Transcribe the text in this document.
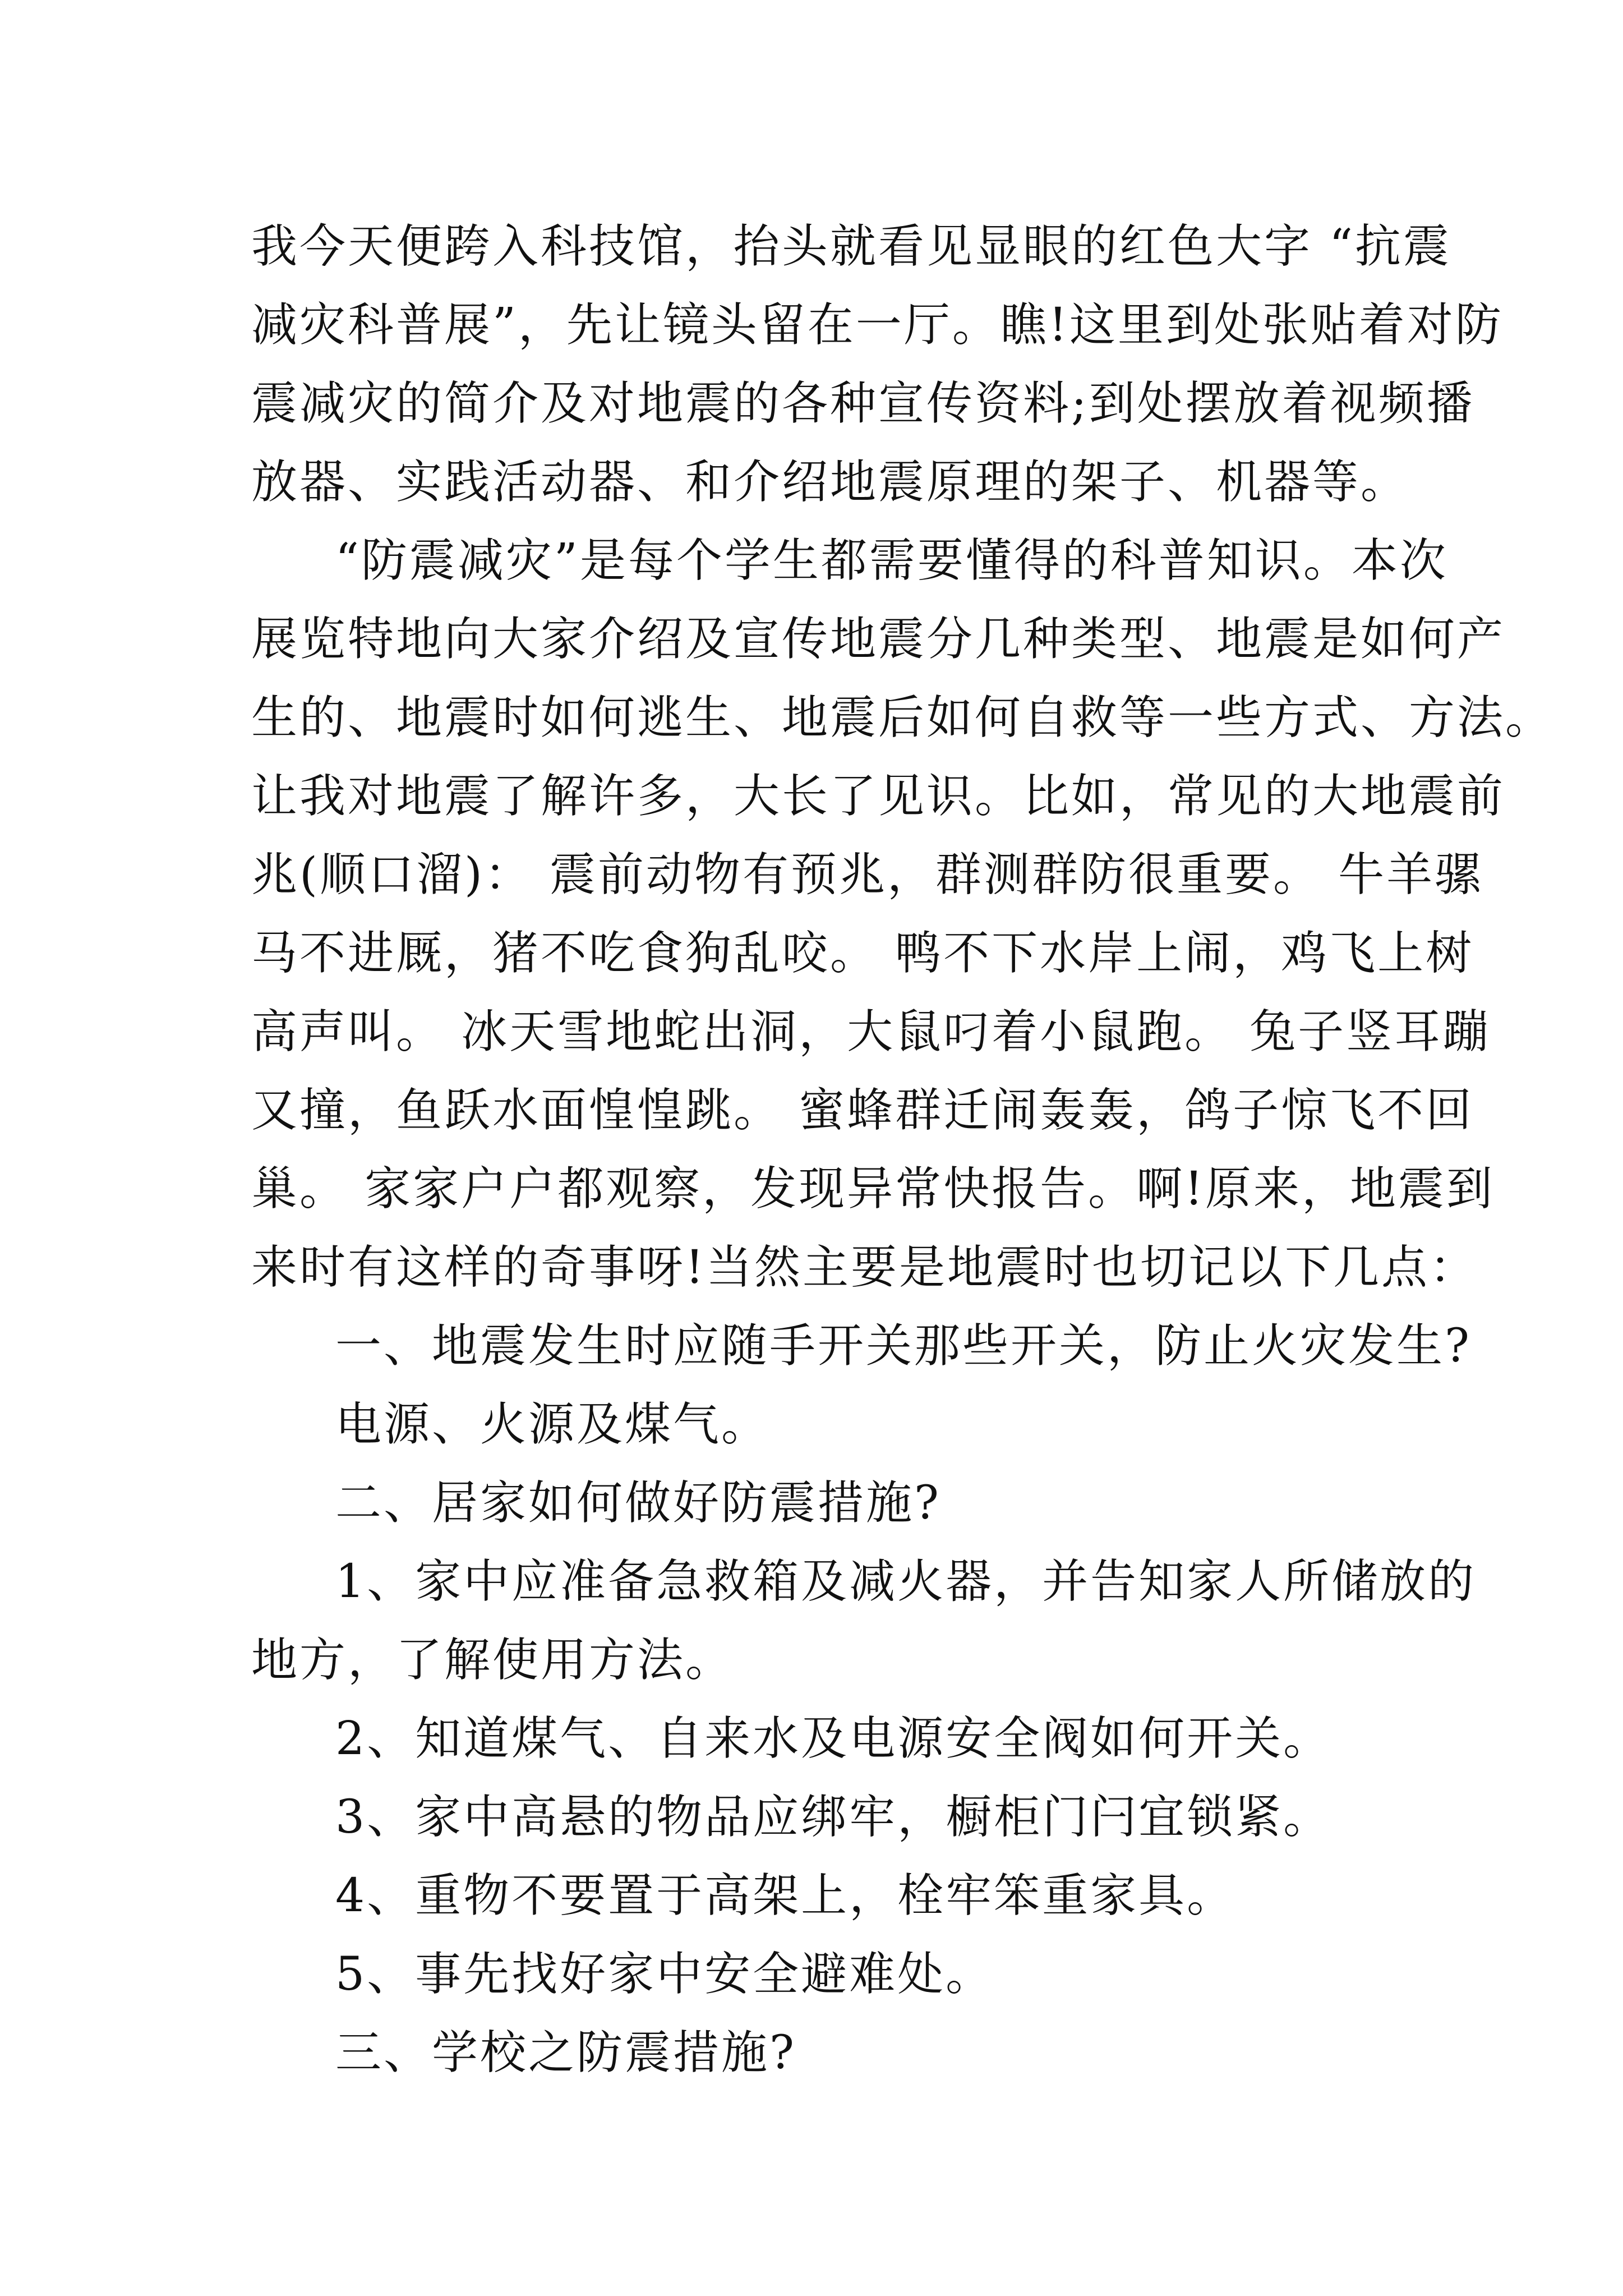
我今天便跨入科技馆，抬头就看见显眼的红色大字 “抗震
减灾科普展”，先让镜头留在一厅。瞧!这里到处张贴着对防
震减灾的简介及对地震的各种宣传资料;到处摆放着视频播
放器、实践活动器、和介绍地震原理的架子、机器等。
“防震减灾”是每个学生都需要懂得的科普知识。本次
展览特地向大家介绍及宣传地震分几种类型、地震是如何产
生的、地震时如何逃生、地震后如何自救等一些方式、方法。
让我对地震了解许多，大长了见识。比如，常见的大地震前
兆(顺口溜)： 震前动物有预兆，群测群防很重要。 牛羊骡
马不进厩，猪不吃食狗乱咬。 鸭不下水岸上闹，鸡飞上树
高声叫。 冰天雪地蛇出洞，大鼠叼着小鼠跑。 兔子竖耳蹦
又撞，鱼跃水面惶惶跳。 蜜蜂群迁闹轰轰，鸽子惊飞不回
巢。 家家户户都观察，发现异常快报告。啊!原来，地震到
来时有这样的奇事呀!当然主要是地震时也切记以下几点：
一、地震发生时应随手开关那些开关，防止火灾发生?
电源、火源及煤气。
二、居家如何做好防震措施?
1、家中应准备急救箱及减火器，并告知家人所储放的
地方，了解使用方法。
2、知道煤气、自来水及电源安全阀如何开关。
3、家中高悬的物品应绑牢，橱柜门闩宜锁紧。
4、重物不要置于高架上，栓牢笨重家具。
5、事先找好家中安全避难处。
三、学校之防震措施?
